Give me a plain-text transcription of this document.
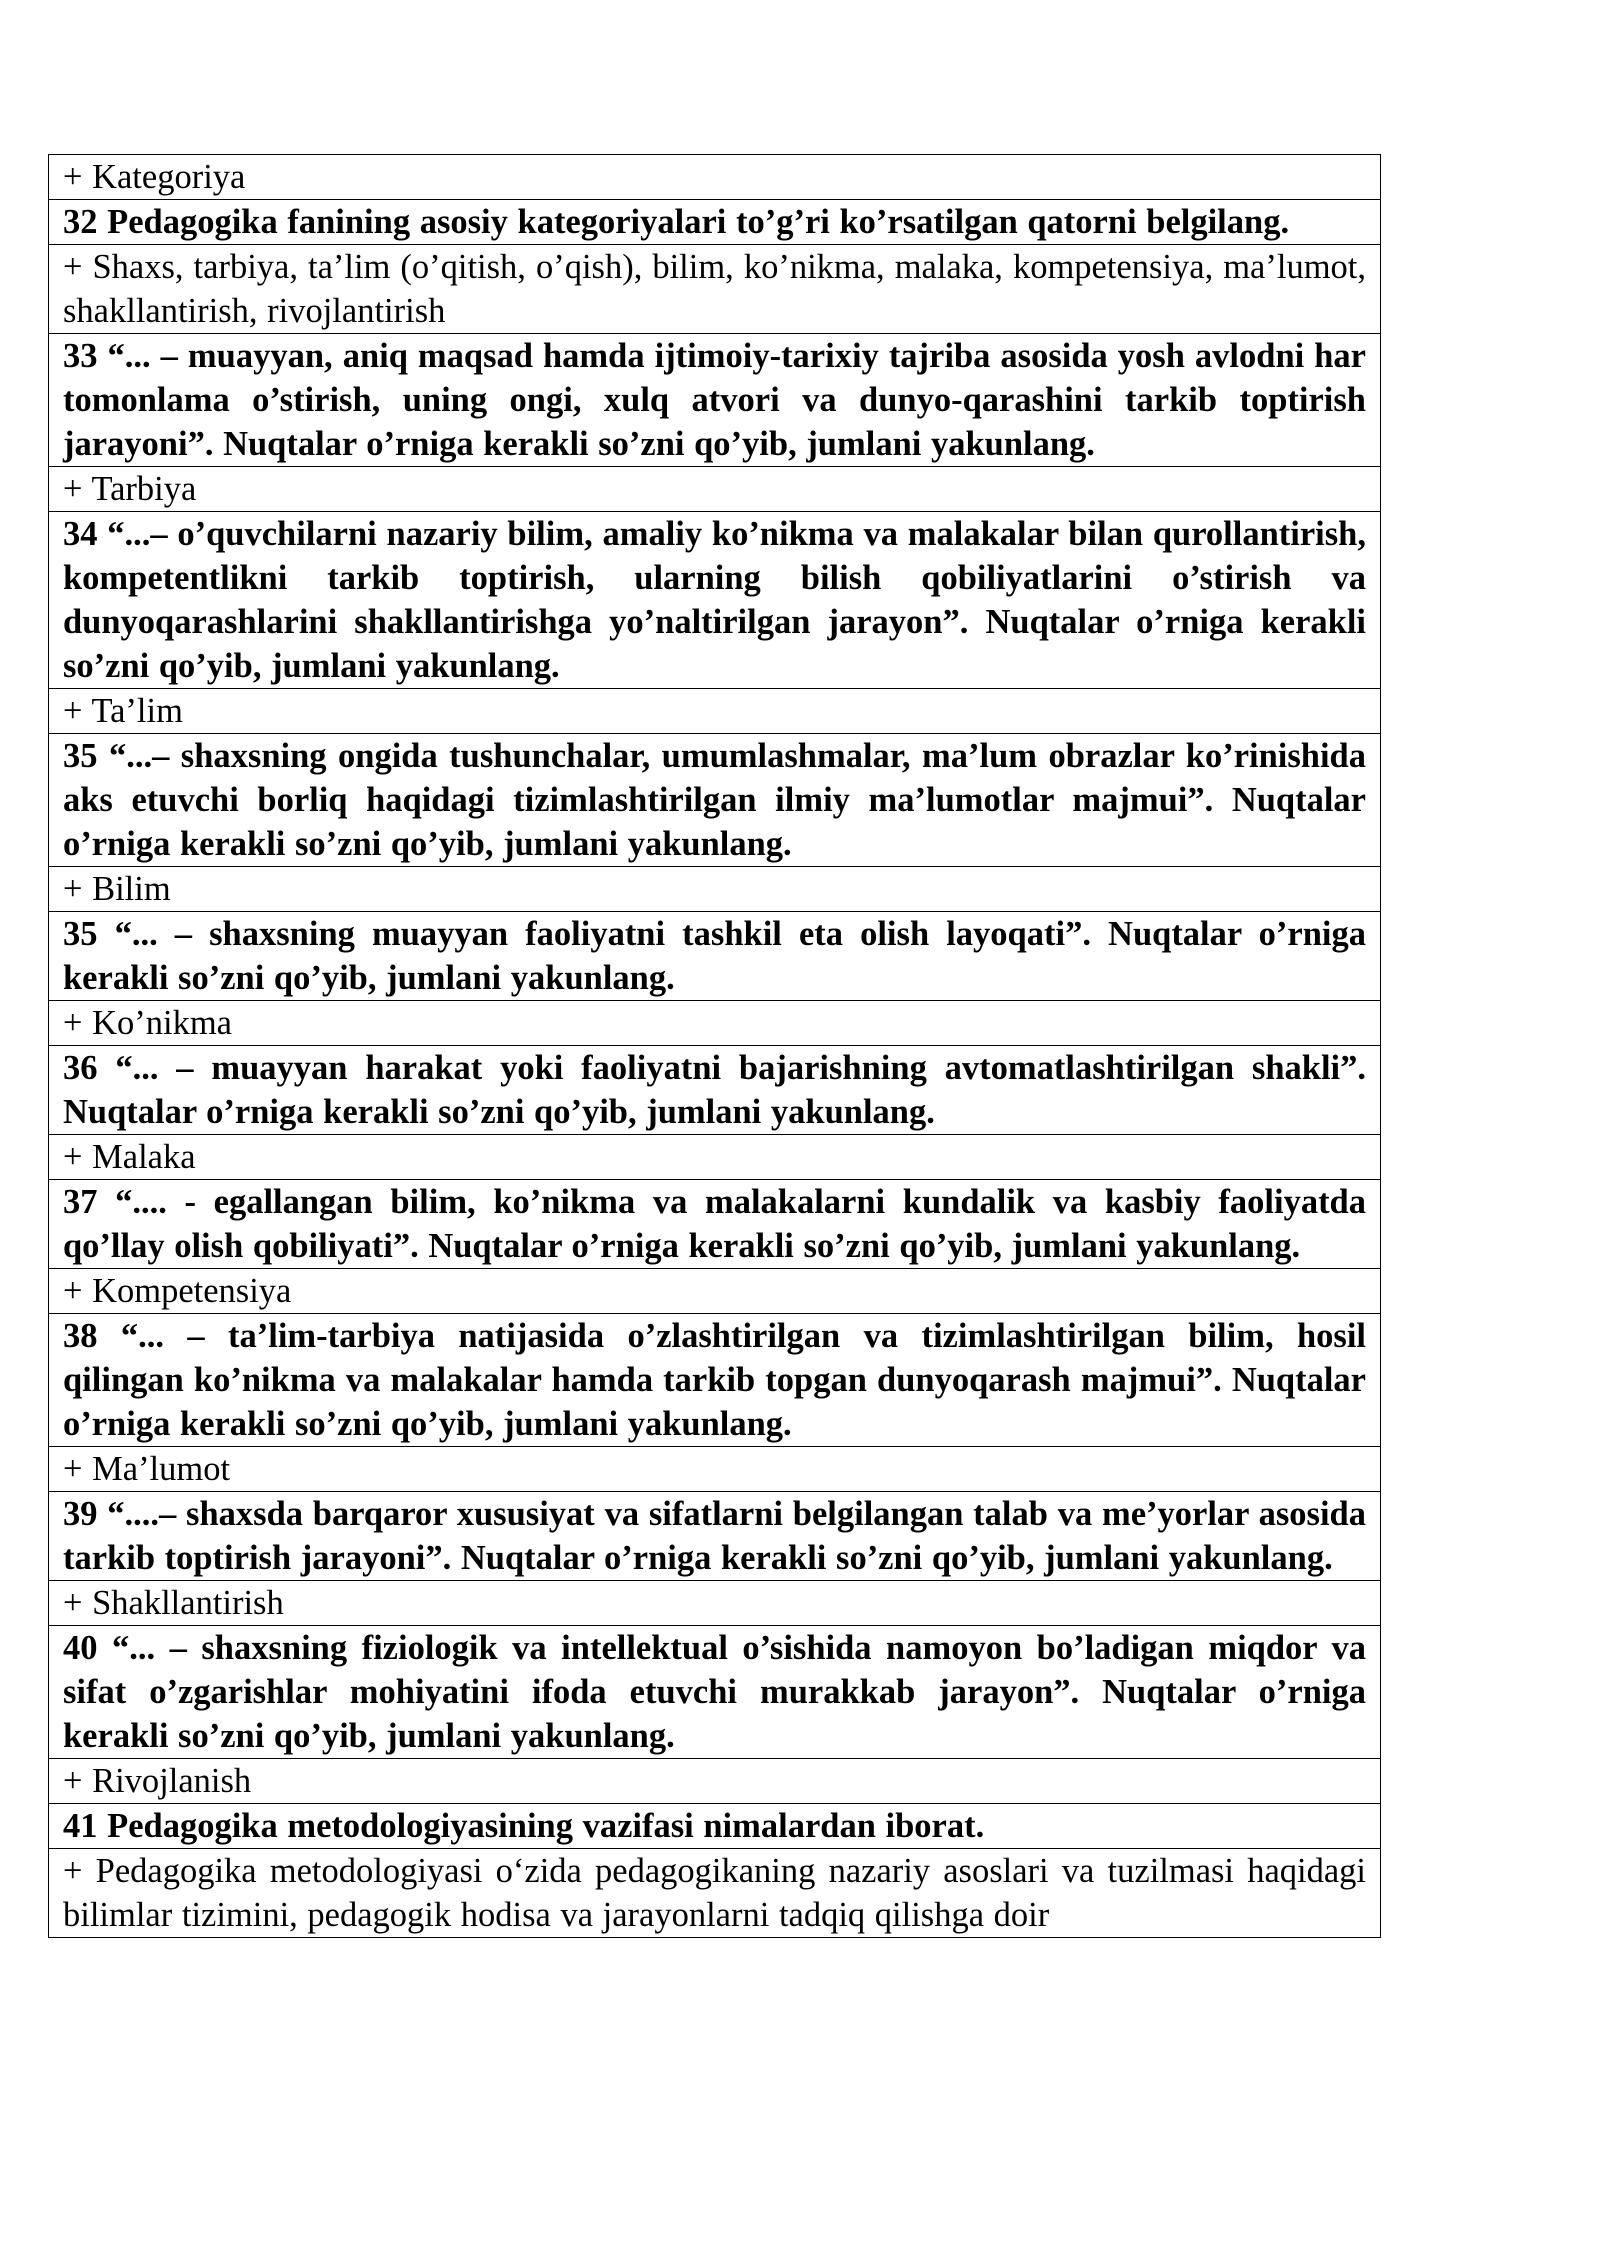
+ Kategoriya
32 Pedagogika fanining asosiy kategoriyalari to’g’ri ko’rsatilgan qatorni belgilang.
+ Shaxs, tarbiya, ta’lim (o’qitish, o’qish), bilim, ko’nikma, malaka, kompetensiya, ma’lumot, shakllantirish, rivojlantirish
33 “... – muayyan, aniq maqsad hamda ijtimoiy-tarixiy tajriba asosida yosh avlodni har tomonlama o’stirish, uning ongi, xulq atvori va dunyo-qarashini tarkib toptirish jarayoni”. Nuqtalar o’rniga kerakli so’zni qo’yib, jumlani yakunlang.
+ Tarbiya
34 “...– o’quvchilarni nazariy bilim, amaliy ko’nikma va malakalar bilan qurollantirish, kompetentlikni tarkib toptirish, ularning bilish qobiliyatlarini o’stirish va dunyoqarashlarini shakllantirishga yo’naltirilgan jarayon”. Nuqtalar o’rniga kerakli so’zni qo’yib, jumlani yakunlang.
+ Ta’lim
35 “...– shaxsning ongida tushunchalar, umumlashmalar, ma’lum obrazlar ko’rinishida aks etuvchi borliq haqidagi tizimlashtirilgan ilmiy ma’lumotlar majmui”. Nuqtalar o’rniga kerakli so’zni qo’yib, jumlani yakunlang.
+ Bilim
35 “... – shaxsning muayyan faoliyatni tashkil eta olish layoqati”. Nuqtalar o’rniga kerakli so’zni qo’yib, jumlani yakunlang.
+ Ko’nikma
36 “... – muayyan harakat yoki faoliyatni bajarishning avtomatlashtirilgan shakli”. Nuqtalar o’rniga kerakli so’zni qo’yib, jumlani yakunlang.
+ Malaka
37 “.... - egallangan bilim, ko’nikma va malakalarni kundalik va kasbiy faoliyatda qo’llay olish qobiliyati”. Nuqtalar o’rniga kerakli so’zni qo’yib, jumlani yakunlang.
+ Kompetensiya
38 “... – ta’lim-tarbiya natijasida o’zlashtirilgan va tizimlashtirilgan bilim, hosil qilingan ko’nikma va malakalar hamda tarkib topgan dunyoqarash majmui”. Nuqtalar o’rniga kerakli so’zni qo’yib, jumlani yakunlang.
+ Ma’lumot
39 “....– shaxsda barqaror xususiyat va sifatlarni belgilangan talab va me’yorlar asosida tarkib toptirish jarayoni”. Nuqtalar o’rniga kerakli so’zni qo’yib, jumlani yakunlang.
+ Shakllantirish
40 “... – shaxsning fiziologik va intellektual o’sishida namoyon bo’ladigan miqdor va sifat o’zgarishlar mohiyatini ifoda etuvchi murakkab jarayon”. Nuqtalar o’rniga kerakli so’zni qo’yib, jumlani yakunlang.
+ Rivojlanish
41 Pedagogika metodologiyasining vazifasi nimalardan iborat.
+ Pedagogika metodologiyasi o‘zida pedagogikaning nazariy asoslari va tuzilmasi haqidagi bilimlar tizimini, pedagogik hodisa va jarayonlarni tadqiq qilishga doir
